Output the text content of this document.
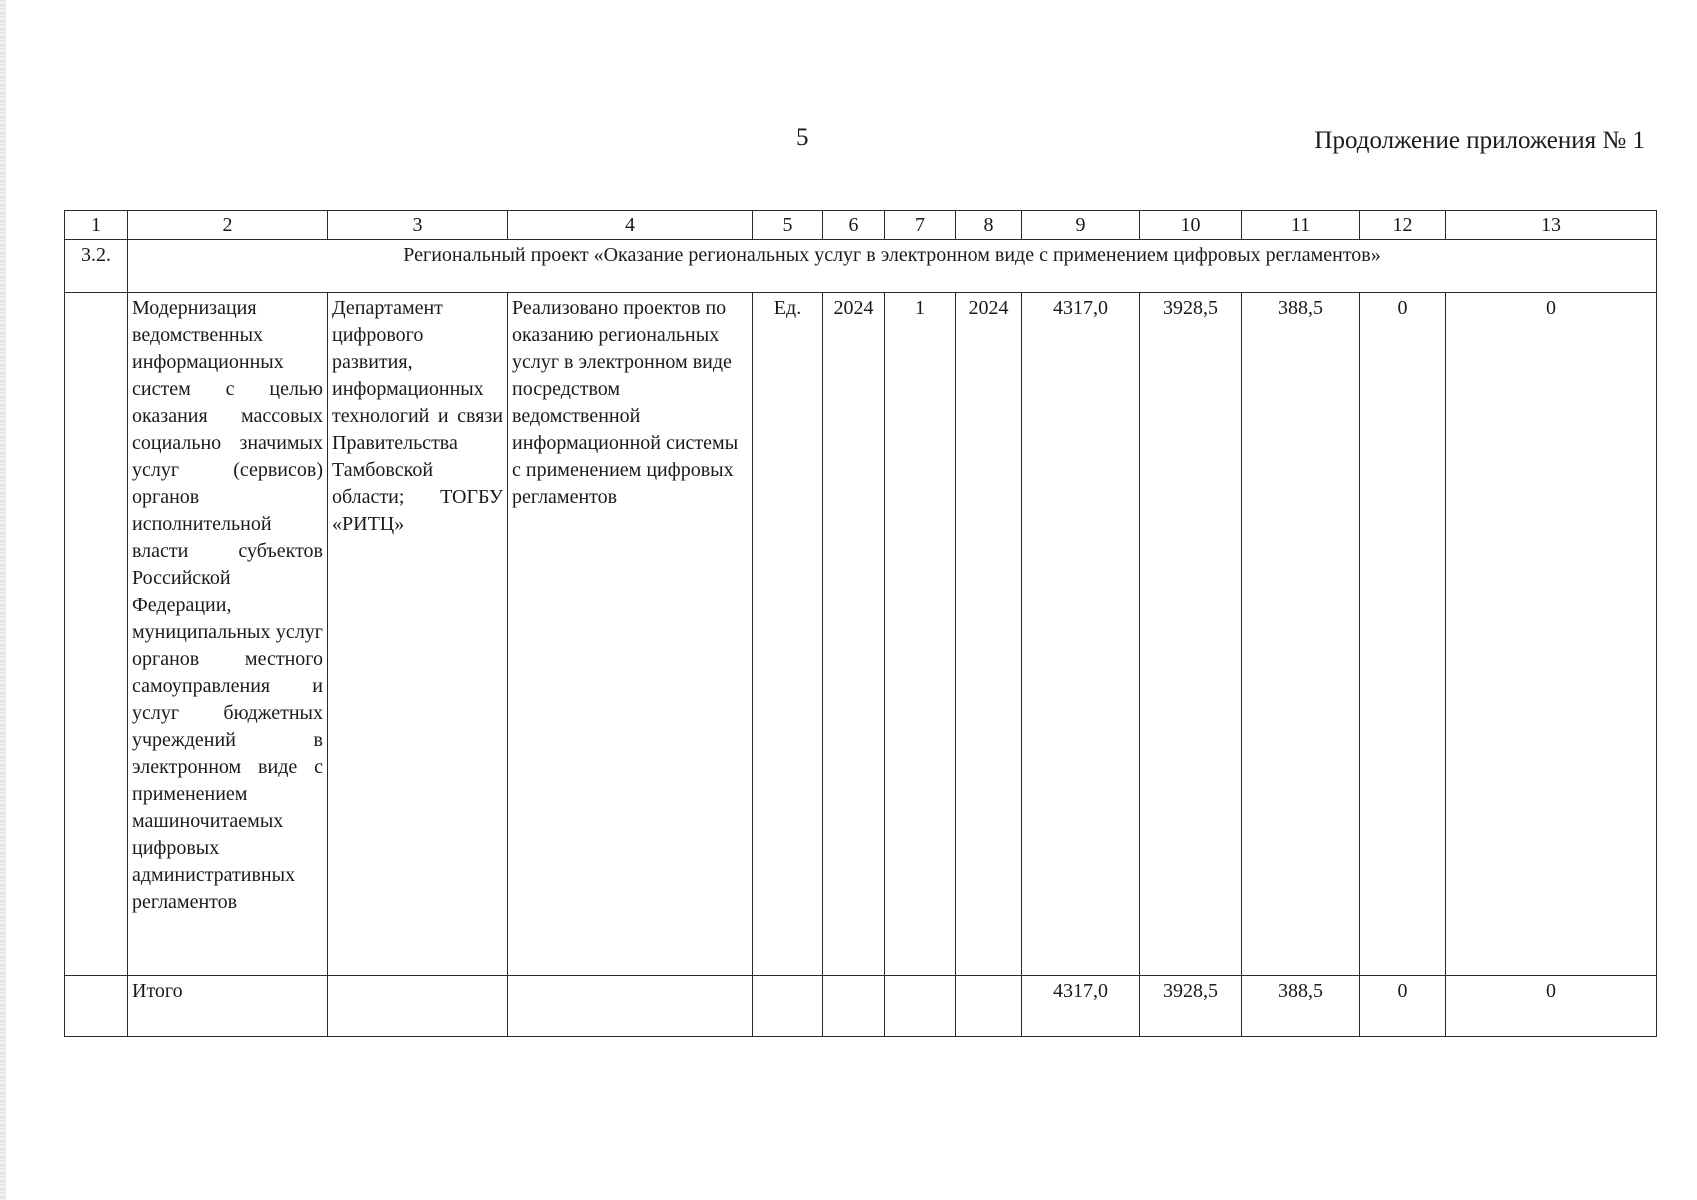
5	Продолжение приложения № 1
1	2	3	4	5	6	7	8	9	10	11	12	13
3.2.	Региональный проект «Оказание региональных услуг в электронном виде с применением цифровых регламентов»											
	Модернизация ведомственных информационных систем с целью оказания массовых социально значимых услуг (сервисов) органов исполнительной власти субъектов Российской Федерации, муниципальных услуг органов местного самоуправления и услуг бюджетных учреждений в электронном виде с применением машиночитаемых цифровых административных регламентов	Департамент цифрового развития, информационных технологий и связи Правительства Тамбовской области; ТОГБУ «РИТЦ»	Реализовано проектов по оказанию региональных услуг в электронном виде посредством ведомственной информационной системы с применением цифровых регламентов	Ед.	2024	1	2024	4317,0	3928,5	388,5	0	0
	Итого							4317,0	3928,5	388,5	0	0
